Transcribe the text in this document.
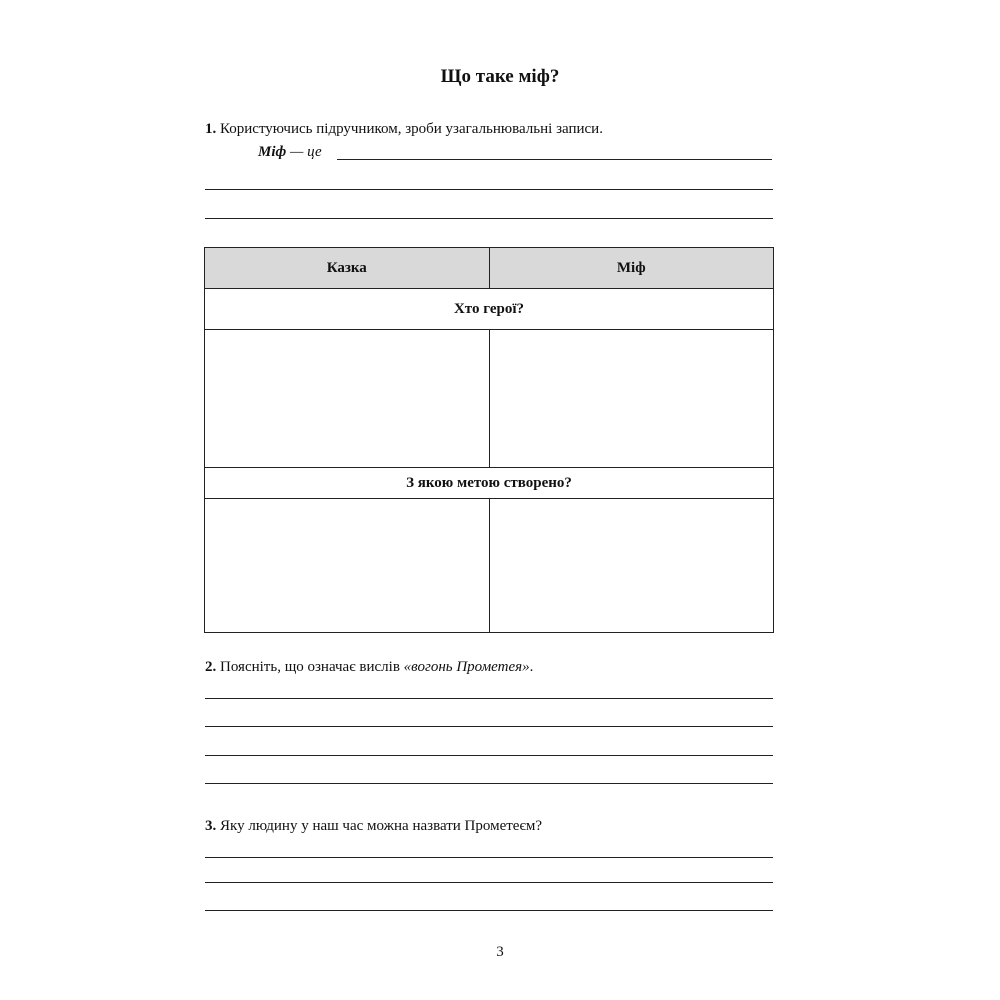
Що таке міф?
1. Користуючись підручником, зроби узагальнювальні записи.
Міф — це
Казка	Міф
Хто герої?	

З якою метою створено?	

2. Поясніть, що означає вислів «вогонь Прометея».
3. Яку людину у наш час можна назвати Прометеєм?
3
